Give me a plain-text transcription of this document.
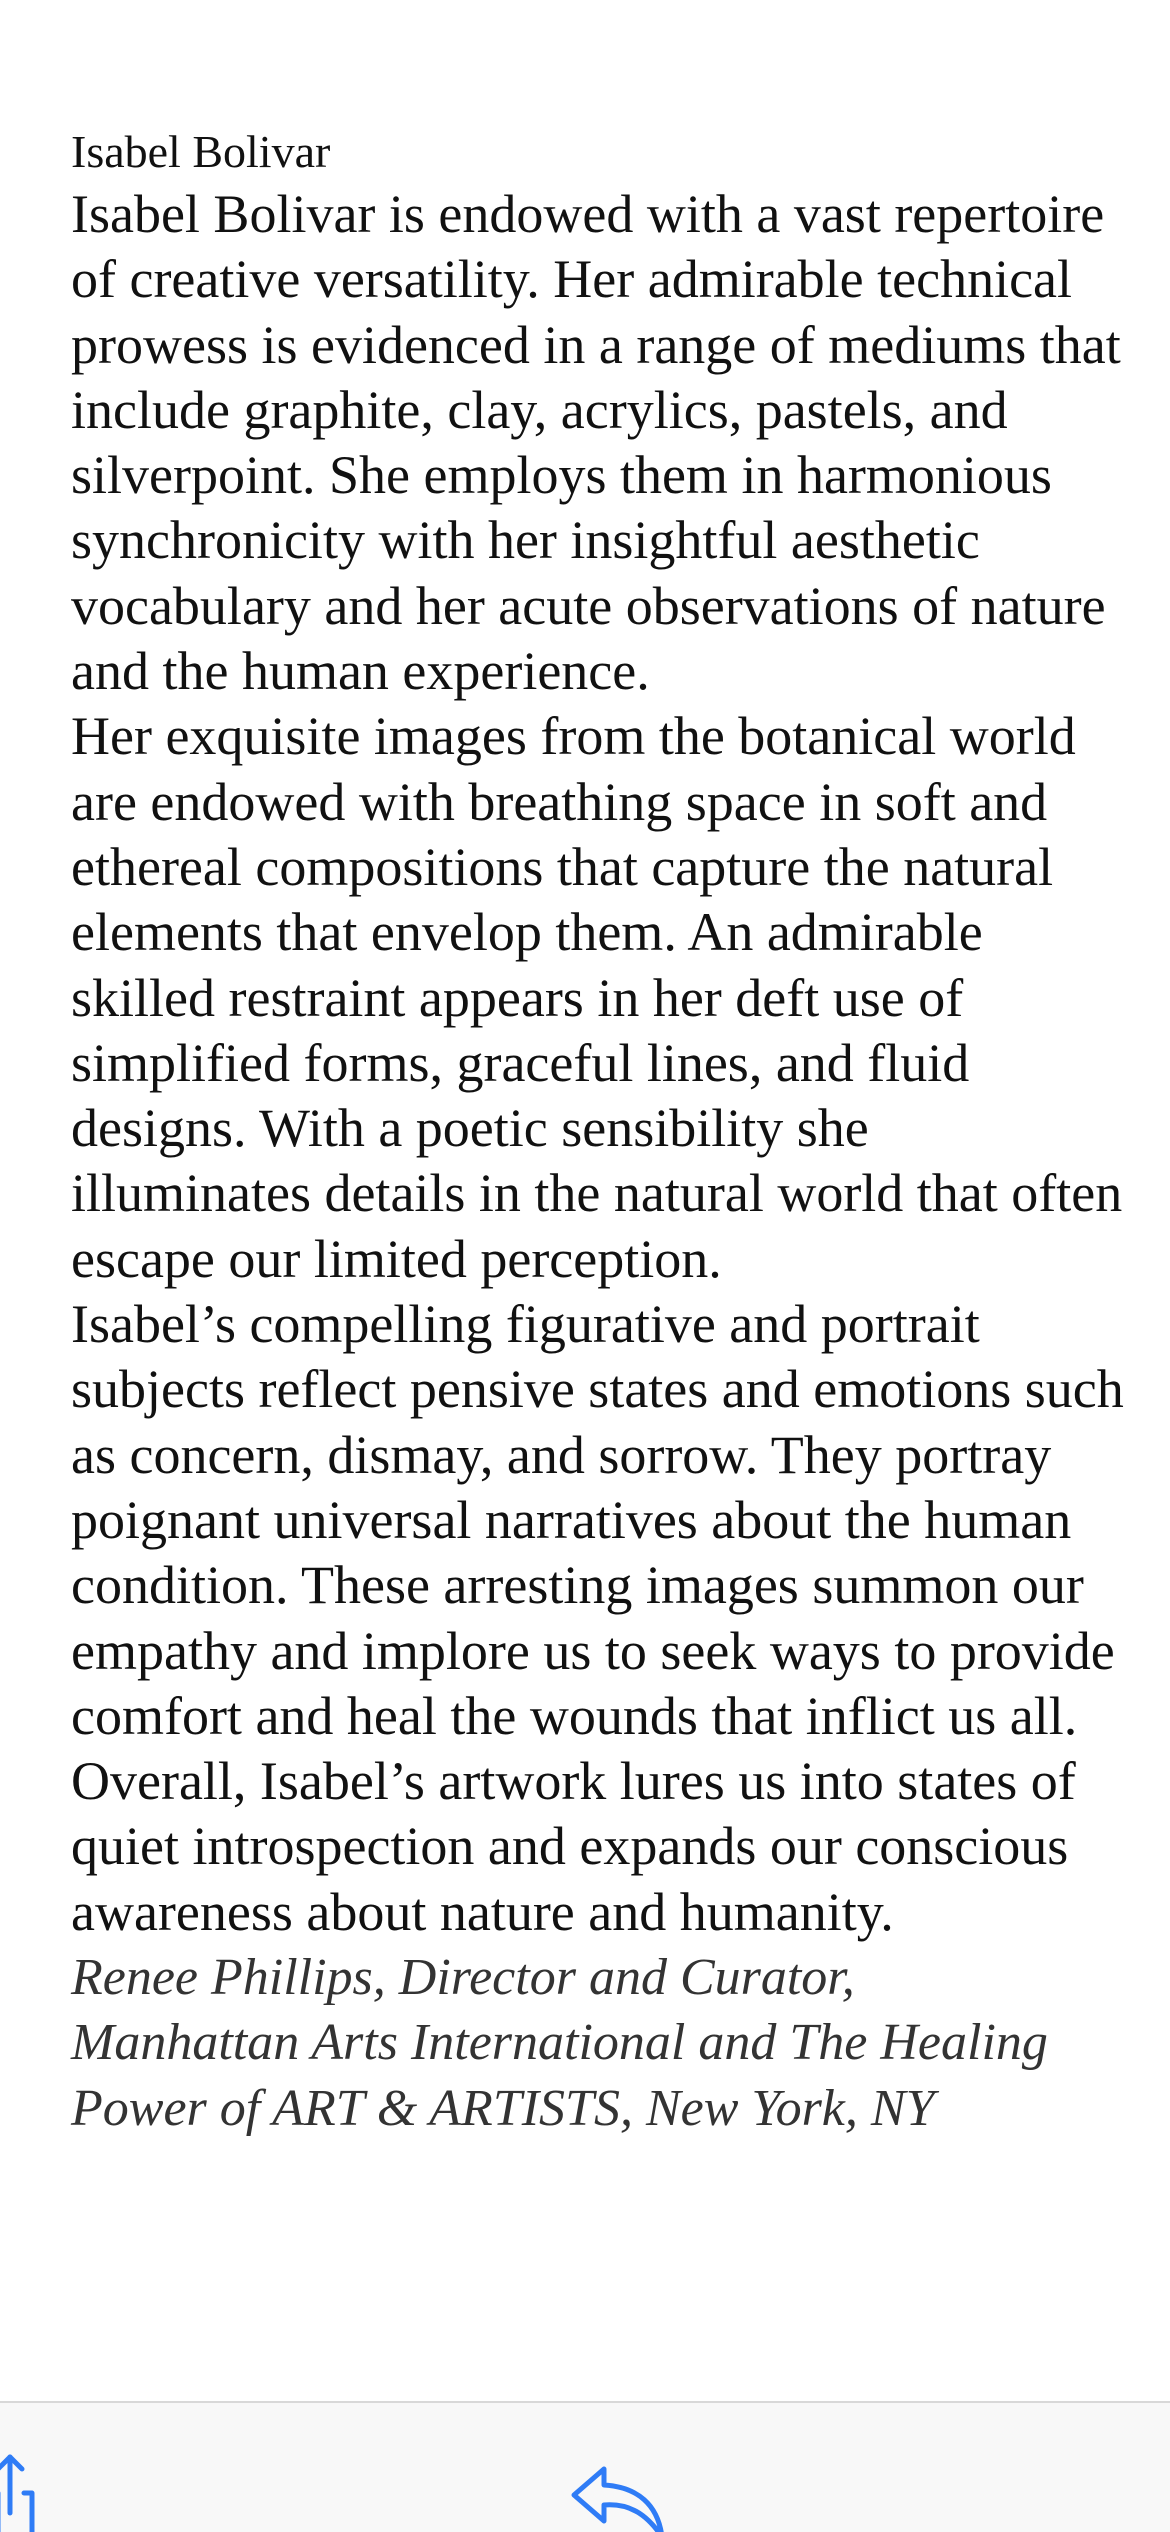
Isabel Bolivar

Isabel Bolivar is endowed with a vast repertoire
of creative versatility. Her admirable technical
prowess is evidenced in a range of mediums that
include graphite, clay, acrylics, pastels, and
silverpoint. She employs them in harmonious
synchronicity with her insightful aesthetic
vocabulary and her acute observations of nature
and the human experience.

Her exquisite images from the botanical world
are endowed with breathing space in soft and
ethereal compositions that capture the natural
elements that envelop them. An admirable
skilled restraint appears in her deft use of
simplified forms, graceful lines, and fluid
designs. With a poetic sensibility she
illuminates details in the natural world that often
escape our limited perception.

Isabel’s compelling figurative and portrait
subjects reflect pensive states and emotions such
as concern, dismay, and sorrow. They portray
poignant universal narratives about the human
condition. These arresting images summon our
empathy and implore us to seek ways to provide
comfort and heal the wounds that inflict us all.

Overall, Isabel’s artwork lures us into states of
quiet introspection and expands our conscious
awareness about nature and humanity.

Renee Phillips, Director and Curator,
Manhattan Arts International and The Healing
Power of ART & ARTISTS, New York, NY
